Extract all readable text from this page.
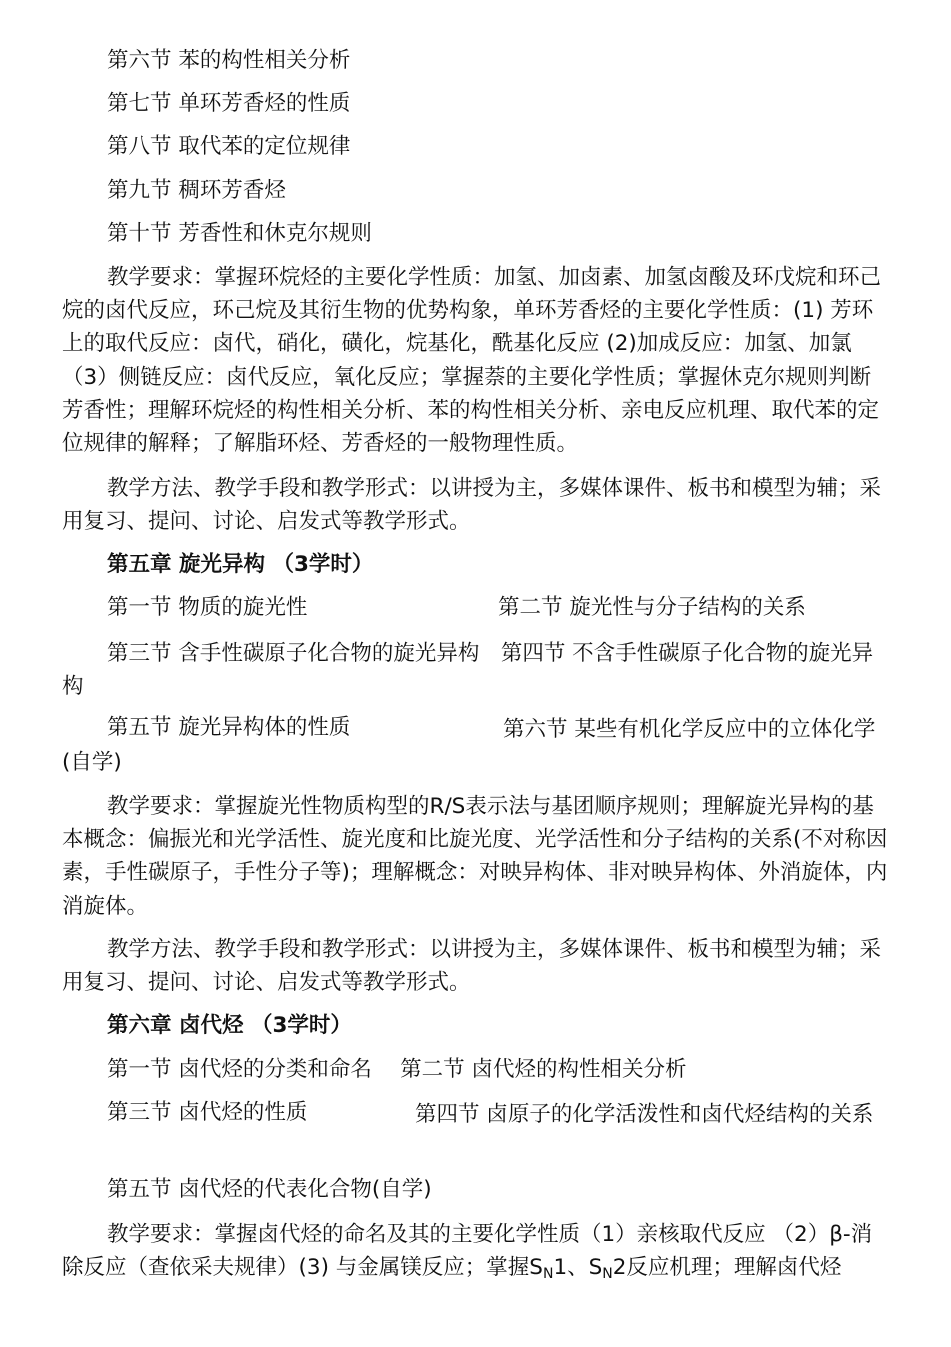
第六节 苯的构性相关分析
第七节 单环芳香烃的性质
第八节 取代苯的定位规律
第九节 稠环芳香烃
第十节 芳香性和休克尔规则
教学要求：掌握环烷烃的主要化学性质：加氢、加卤素、加氢卤酸及环戊烷和环己烷的卤代反应，环己烷及其衍生物的优势构象，单环芳香烃的主要化学性质：(1) 芳环上的取代反应：卤代，硝化，磺化，烷基化，酰基化反应 (2)加成反应：加氢、加氯 （3）侧链反应：卤代反应，氧化反应；掌握萘的主要化学性质；掌握休克尔规则判断芳香性；理解环烷烃的构性相关分析、苯的构性相关分析、亲电反应机理、取代苯的定位规律的解释；了解脂环烃、芳香烃的一般物理性质。
教学方法、教学手段和教学形式：以讲授为主，多媒体课件、板书和模型为辅；采用复习、提问、讨论、启发式等教学形式。
第五章 旋光异构 （3学时）
第一节 物质的旋光性	第二节 旋光性与分子结构的关系
第三节 含手性碳原子化合物的旋光异构　第四节 不含手性碳原子化合物的旋光异构
第五节 旋光异构体的性质	第六节 某些有机化学反应中的立体化学(自学)
教学要求：掌握旋光性物质构型的R/S表示法与基团顺序规则；理解旋光异构的基本概念：偏振光和光学活性、旋光度和比旋光度、光学活性和分子结构的关系(不对称因素，手性碳原子，手性分子等)；理解概念：对映异构体、非对映异构体、外消旋体，内消旋体。
教学方法、教学手段和教学形式：以讲授为主，多媒体课件、板书和模型为辅；采用复习、提问、讨论、启发式等教学形式。
第六章 卤代烃 （3学时）
第一节 卤代烃的分类和命名　 第二节 卤代烃的构性相关分析
第三节 卤代烃的性质	第四节 卤原子的化学活泼性和卤代烃结构的关系
第五节 卤代烃的代表化合物(自学)
教学要求：掌握卤代烃的命名及其的主要化学性质（1）亲核取代反应 （2）β-消除反应（查依采夫规律）(3) 与金属镁反应；掌握$S_N1$、$S_N2$反应机理；理解卤代烃
